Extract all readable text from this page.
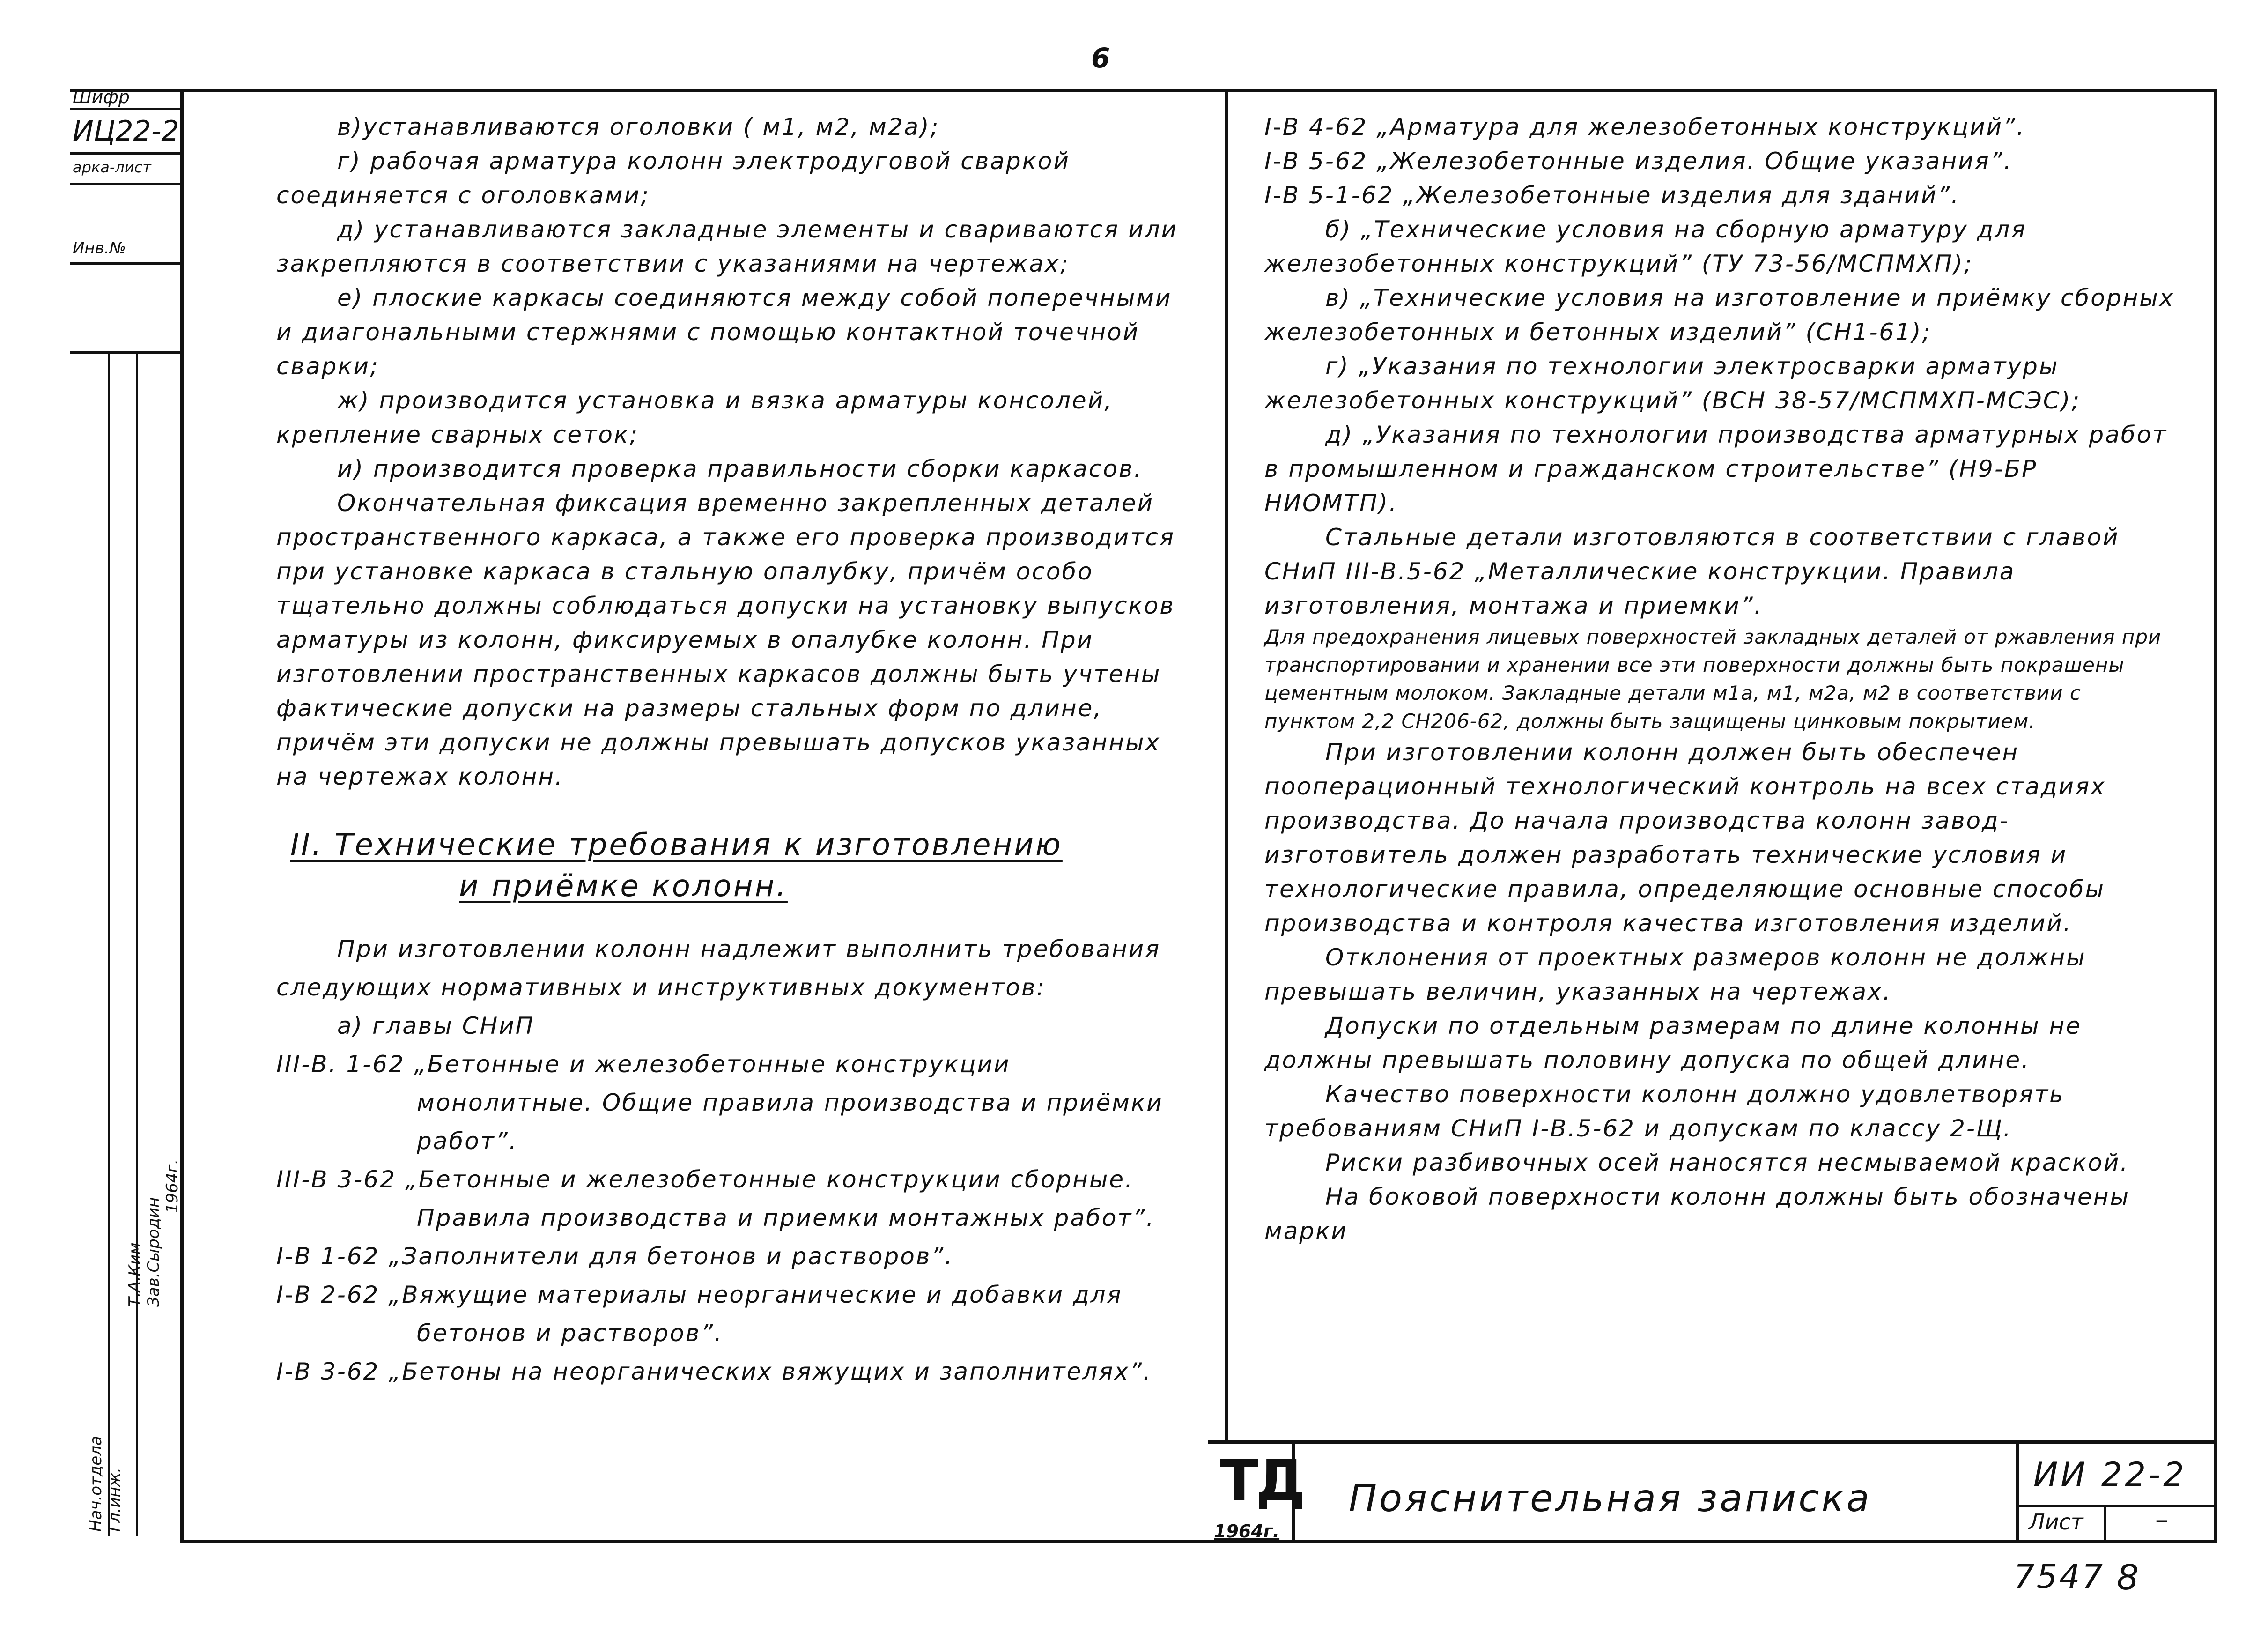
6
Шифр
ИЦ22-2
арка-лист
Инв.№
Нач.отдела Гл.инж.
Т.А.Ким Зав.Сыродин
1964г.

в)устанавливаются оголовки ( м1, м2, м2а);

г) рабочая арматура колонн электродуговой сваркой соединяется с оголовками;

д) устанавливаются закладные элементы и свариваются или закрепляются в соответствии с указаниями на чертежах;

е) плоские каркасы соединяются между собой поперечными и диагональными стержнями с помощью контактной точечной сварки;

ж) производится установка и вязка арматуры консолей, крепление сварных сеток;

и) производится проверка правильности сборки каркасов.

Окончательная фиксация временно закрепленных деталей пространственного каркаса, а также его проверка производится при установке каркаса в стальную опалубку, причём особо тщательно должны соблюдаться допуски на установку выпусков арматуры из колонн, фиксируемых в опалубке колонн. При изготовлении пространственных каркасов должны быть учтены фактические допуски на размеры стальных форм по длине, причём эти допуски не должны превышать допусков указанных на чертежах колонн.

II. Технические требования к изготовлению
и приёмке колонн.

При изготовлении колонн надлежит выполнить требования следующих нормативных и инструктивных документов:

а) главы СНиП

III-В. 1-62 „Бетонные и железобетонные конструкции монолитные. Общие правила производства и приёмки работ”.

III-В 3-62 „Бетонные и железобетонные конструкции сборные. Правила производства и приемки монтажных работ”.

I-В 1-62 „Заполнители для бетонов и растворов”.

I-В 2-62 „Вяжущие материалы неорганические и добавки для бетонов и растворов”.

I-В 3-62 „Бетоны на неорганических вяжущих и заполнителях”.

I-В 4-62 „Арматура для железобетонных конструкций”.

I-В 5-62 „Железобетонные изделия. Общие указания”.

I-В 5-1-62 „Железобетонные изделия для зданий”.

б) „Технические условия на сборную арматуру для железобетонных конструкций” (ТУ 73-56/МСПМХП);

в) „Технические условия на изготовление и приёмку сборных железобетонных и бетонных изделий” (СН1-61);

г) „Указания по технологии электросварки арматуры железобетонных конструкций” (ВСН 38-57/МСПМХП-МСЭС);

д) „Указания по технологии производства арматурных работ в промышленном и гражданском строительстве” (Н9-БР НИОМТП).

Стальные детали изготовляются в соответствии с главой СНиП III-В.5-62 „Металлические конструкции. Правила изготовления, монтажа и приемки”.

Для предохранения лицевых поверхностей закладных деталей от ржавления при транспортировании и хранении все эти поверхности должны быть покрашены цементным молоком. Закладные детали м1а, м1, м2а, м2 в соответствии с пунктом 2,2 СН206-62, должны быть защищены цинковым покрытием.

При изготовлении колонн должен быть обеспечен пооперационный технологический контроль на всех стадиях производства. До начала производства колонн завод-изготовитель должен разработать технические условия и технологические правила, определяющие основные способы производства и контроля качества изготовления изделий.

Отклонения от проектных размеров колонн не должны превышать величин, указанных на чертежах.

Допуски по отдельным размерам по длине колонны не должны превышать половину допуска по общей длине.

Качество поверхности колонн должно удовлетворять требованиям СНиП I-В.5-62 и допускам по классу 2-Щ.

Риски разбивочных осей наносятся несмываемой краской.

На боковой поверхности колонн должны быть обозначены марки

ТД
1964г.
Пояснительная записка
ИИ 22-2
Лист	–
7547 8
